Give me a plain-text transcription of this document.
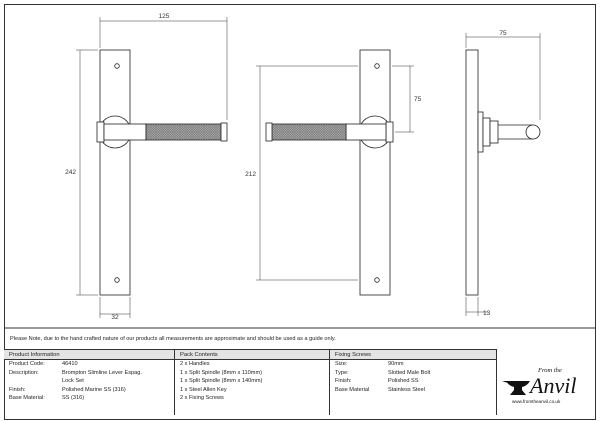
125
242
32
212
75
75
13
Please Note, due to the hand crafted nature of our products all measurements are approximate and should be used as a guide only.
Product Information
Product Code:	46410
Description:	Brompton Slimline Lever Espag. Lock Set
Finish:	Polished Marine SS (316)
Base Material:	SS (316)
Pack Contents
2 x Handles
1 x Split Spindle (8mm x 110mm)
1 x Split Spindle (8mm x 140mm)
1 x Steel Allen Key
2 x Fixing Screws
Fixing Screws
Size:	90mm
Type:	Slotted Male Bolt
Finish:	Polished SS
Base Material	Stainless Steel
From the
Anvil
www.fromtheanvil.co.uk
